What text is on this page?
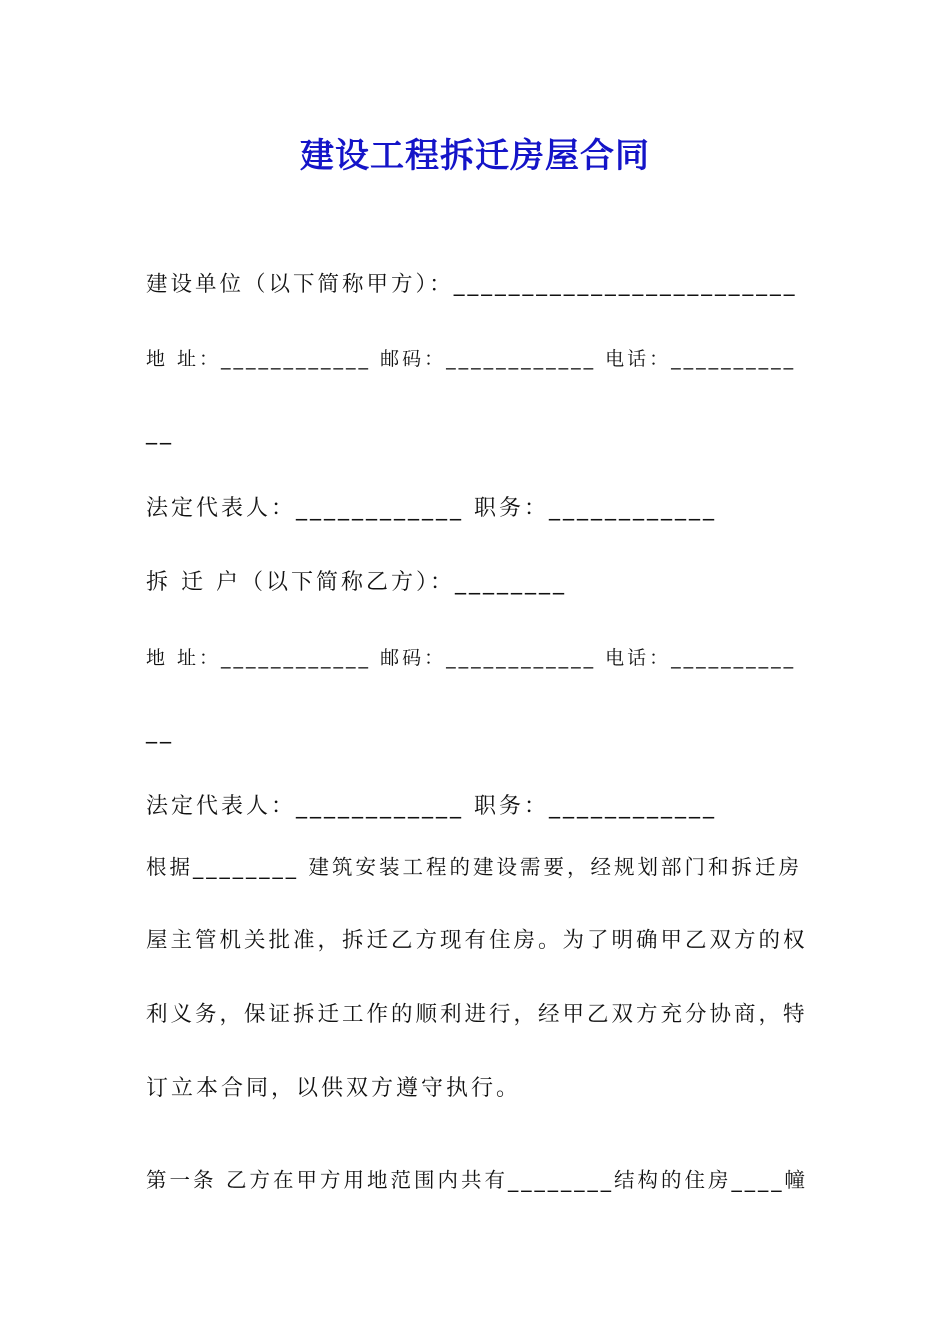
建设工程拆迁房屋合同
建设单位（以下简称甲方）：_________________________
地 址：____________ 邮码：____________ 电话：__________
__
法定代表人：____________ 职务：____________
拆 迁 户（以下简称乙方）：________
地 址：____________ 邮码：____________ 电话：__________
__
法定代表人：____________ 职务：____________
根据________ 建筑安装工程的建设需要，经规划部门和拆迁房
屋主管机关批准，拆迁乙方现有住房。为了明确甲乙双方的权
利义务，保证拆迁工作的顺利进行，经甲乙双方充分协商，特
订立本合同，以供双方遵守执行。
第一条 乙方在甲方用地范围内共有________结构的住房____幢
